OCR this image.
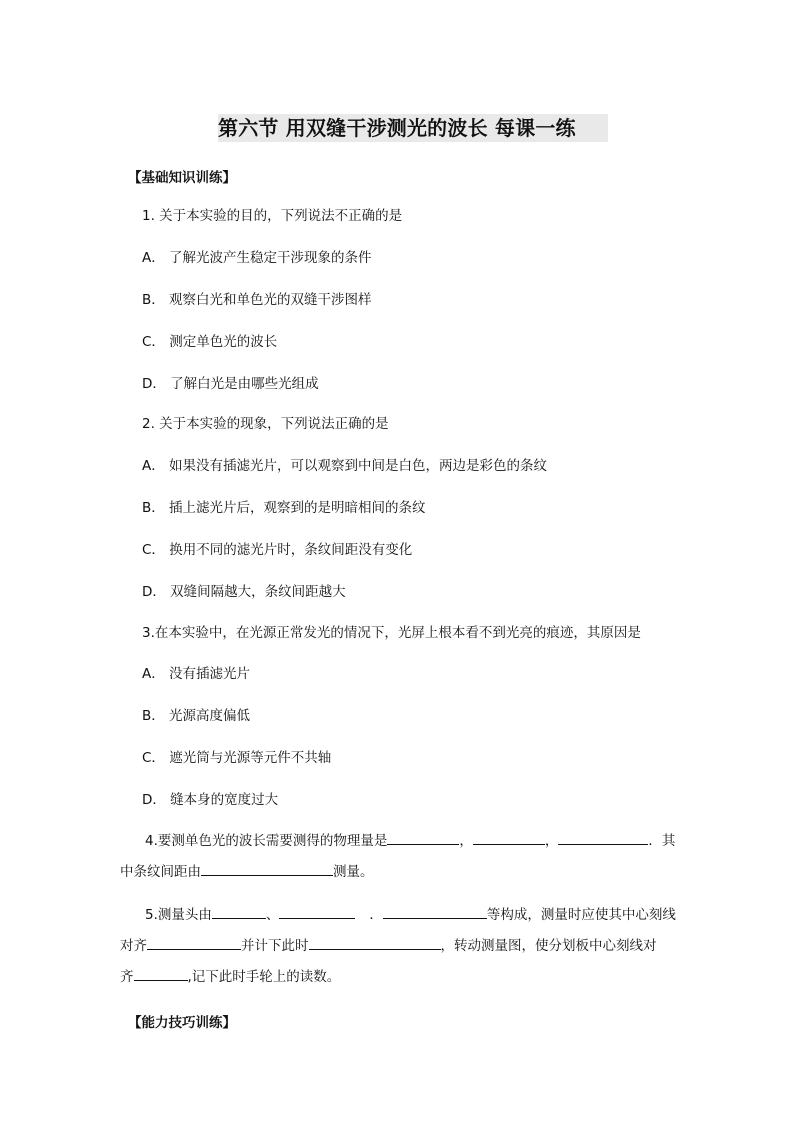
第六节 用双缝干涉测光的波长 每课一练
【基础知识训练】
1. 关于本实验的目的，下列说法不正确的是
A． 了解光波产生稳定干涉现象的条件
B． 观察白光和单色光的双缝干涉图样
C． 测定单色光的波长
D． 了解白光是由哪些光组成
2. 关于本实验的现象，下列说法正确的是
A． 如果没有插滤光片，可以观察到中间是白色，两边是彩色的条纹
B． 插上滤光片后，观察到的是明暗相间的条纹
C． 换用不同的滤光片时，条纹间距没有变化
D． 双缝间隔越大，条纹间距越大
3.在本实验中，在光源正常发光的情况下，光屏上根本看不到光亮的痕迹，其原因是
A． 没有插滤光片
B． 光源高度偏低
C． 遮光筒与光源等元件不共轴
D． 缝本身的宽度过大
4.要测单色光的波长需要测得的物理量是	，	，	．其
中条纹间距由	测量。
5.测量头由	、	．	等构成，测量时应使其中心刻线
对齐	并计下此时	，转动测量图，使分划板中心刻线对
齐	,记下此时手轮上的读数。
【能力技巧训练】
